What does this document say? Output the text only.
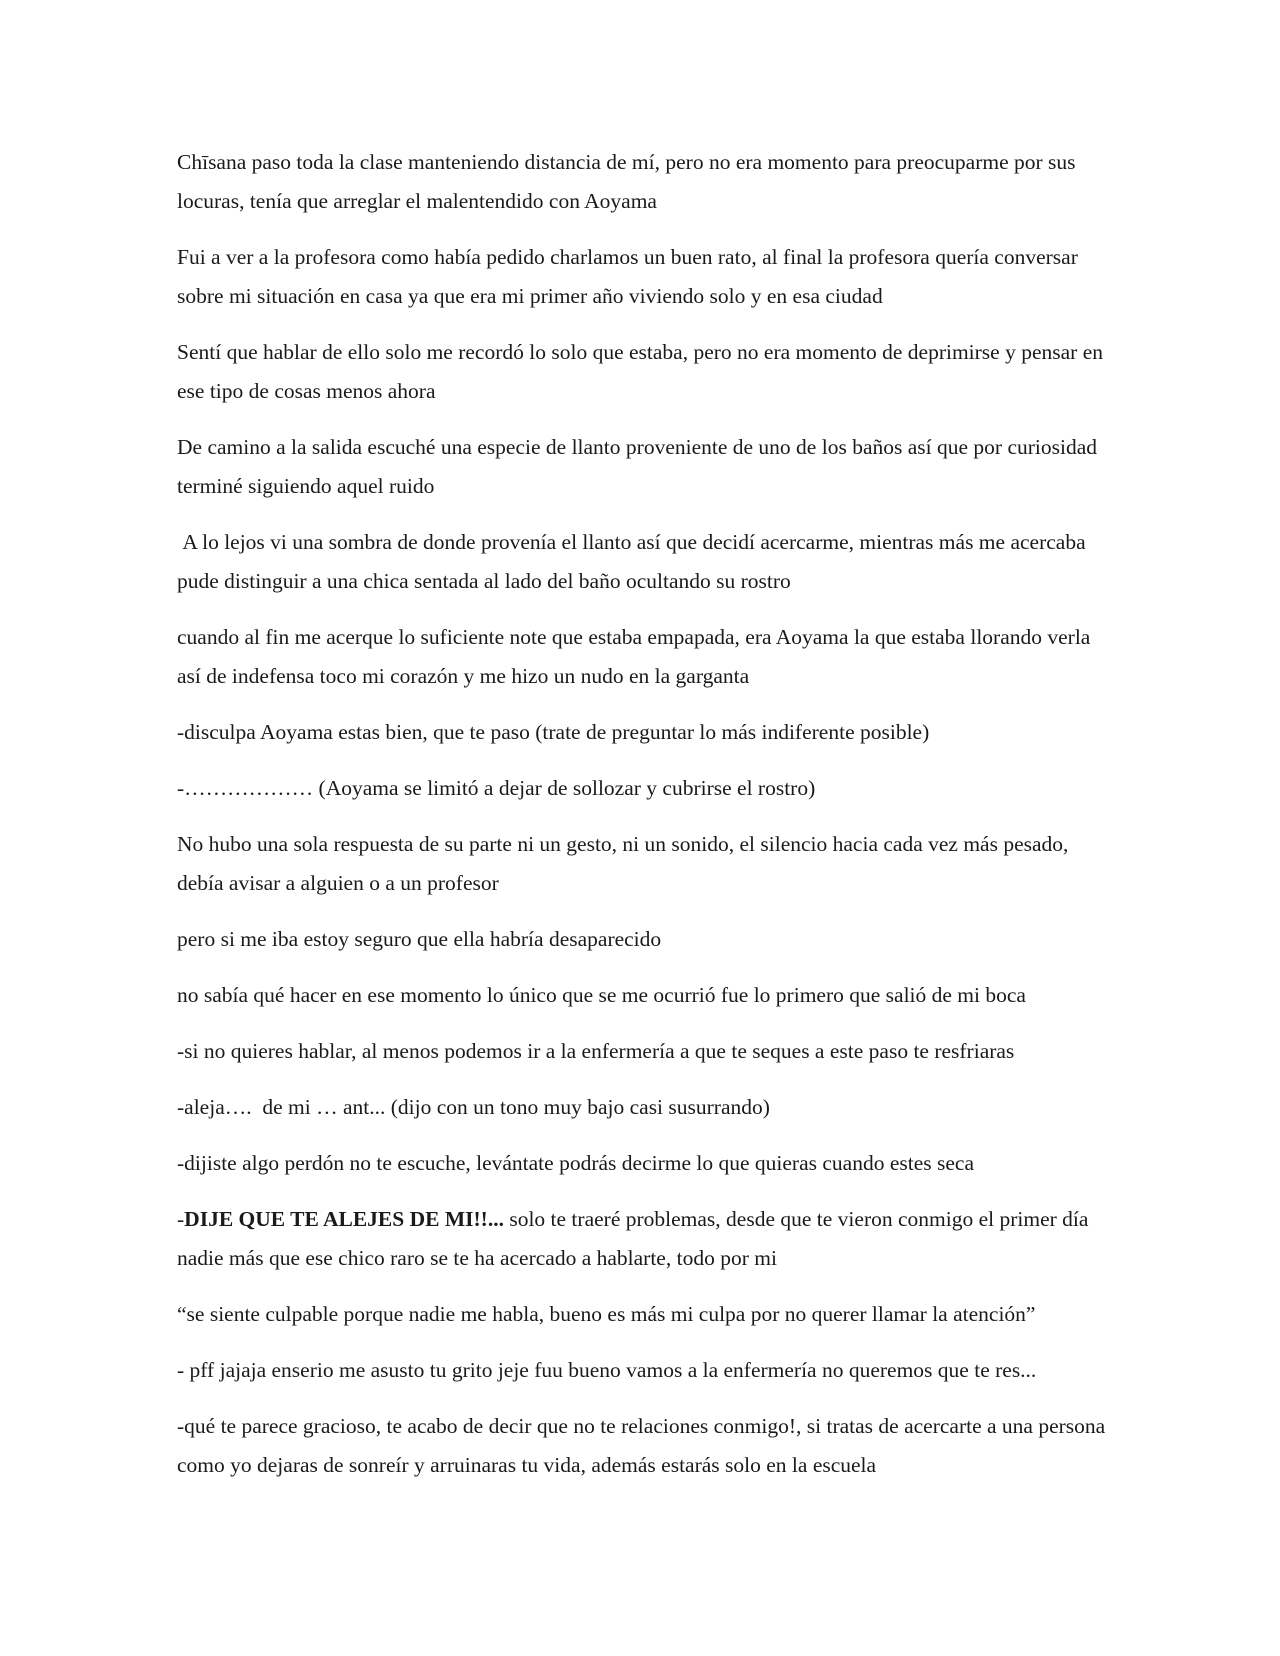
Chīsana paso toda la clase manteniendo distancia de mí, pero no era momento para preocuparme por sus locuras, tenía que arreglar el malentendido con Aoyama

Fui a ver a la profesora como había pedido charlamos un buen rato, al final la profesora quería conversar sobre mi situación en casa ya que era mi primer año viviendo solo y en esa ciudad

Sentí que hablar de ello solo me recordó lo solo que estaba, pero no era momento de deprimirse y pensar en ese tipo de cosas menos ahora

De camino a la salida escuché una especie de llanto proveniente de uno de los baños así que por curiosidad terminé siguiendo aquel ruido

A lo lejos vi una sombra de donde provenía el llanto así que decidí acercarme, mientras más me acercaba pude distinguir a una chica sentada al lado del baño ocultando su rostro

cuando al fin me acerque lo suficiente note que estaba empapada, era Aoyama la que estaba llorando verla así de indefensa toco mi corazón y me hizo un nudo en la garganta

-disculpa Aoyama estas bien, que te paso (trate de preguntar lo más indiferente posible)

-……………… (Aoyama se limitó a dejar de sollozar y cubrirse el rostro)

No hubo una sola respuesta de su parte ni un gesto, ni un sonido, el silencio hacia cada vez más pesado, debía avisar a alguien o a un profesor

pero si me iba estoy seguro que ella habría desaparecido

no sabía qué hacer en ese momento lo único que se me ocurrió fue lo primero que salió de mi boca

-si no quieres hablar, al menos podemos ir a la enfermería a que te seques a este paso te resfriaras

-aleja….  de mi … ant... (dijo con un tono muy bajo casi susurrando)

-dijiste algo perdón no te escuche, levántate podrás decirme lo que quieras cuando estes seca

-DIJE QUE TE ALEJES DE MI!!... solo te traeré problemas, desde que te vieron conmigo el primer día nadie más que ese chico raro se te ha acercado a hablarte, todo por mi

“se siente culpable porque nadie me habla, bueno es más mi culpa por no querer llamar la atención”

- pff jajaja enserio me asusto tu grito jeje fuu bueno vamos a la enfermería no queremos que te res...

-qué te parece gracioso, te acabo de decir que no te relaciones conmigo!, si tratas de acercarte a una persona como yo dejaras de sonreír y arruinaras tu vida, además estarás solo en la escuela
